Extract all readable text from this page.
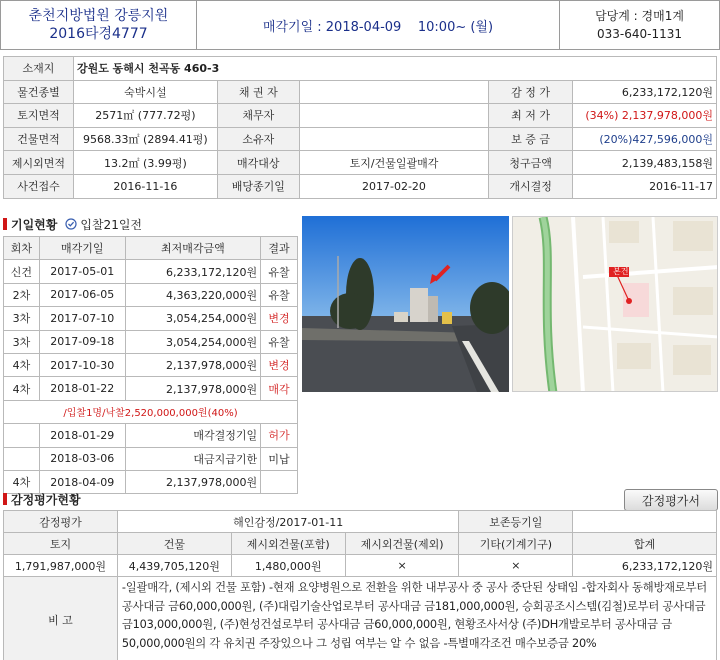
춘천지방법원 강릉지원
2016타경4777	매각기일 : 2018-04-09
10:00~ (월)
담당계 : 경매1계
033-640-1131
소재지	강원도 동해시 천곡동 460-3				
물건종별	숙박시설	채 권 자		감 정 가	6,233,172,120원
토지면적	2571㎡ (777.72평)	채무자		최 저 가	(34%) 2,137,978,000원
건물면적	9568.33㎡ (2894.41평)	소유자		보 증 금	(20%)427,596,000원
제시외면적	13.2㎡ (3.99평)	매각대상	토지/건물일괄매각	청구금액	2,139,483,158원
사건접수	2016-11-16	배당종기일	2017-02-20	개시결정	2016-11-17
기일현황 입찰21일전
회차	매각기일	최저매각금액	결과
신건	2017-05-01	6,233,172,120원	유찰
2차	2017-06-05	4,363,220,000원	유찰
3차	2017-07-10	3,054,254,000원	변경
3차	2017-09-18	3,054,254,000원	유찰
4차	2017-10-30	2,137,978,000원	변경
4차	2018-01-22	2,137,978,000원	매각
/입찰1명/낙찰2,520,000,000원(40%)			
	2018-01-29	매각결정기일	허가
	2018-03-06	대금지급기한	미납
4차	2018-04-09	2,137,978,000원	
본건
감정평가현황	감정평가서
감정평가	해인감정/2017-01-11			보존등기일	
토지	건물	제시외건물(포함)	제시외건물(제외)	기타(기계기구)	합계
1,791,987,000원	4,439,705,120원	1,480,000원	×	×	6,233,172,120원
비 고	-일괄매각, (제시외 건물 포함) -현재 요양병원으로 전환을 위한 내부공사 중 공사 중단된 상태임 -합자회사 동해방재로부터 공사대금 금60,000,000원, (주)대림기술산업로부터 공사대금 금181,000,000원, 승회공조시스템(김철)로부터 공사대금 금103,000,000원, (주)현성건설로부터 공사대금 금60,000,000원, 현황조사서상 (주)DH개발로부터 공사대금 금50,000,000원의 각 유치권 주장있으나 그 성립 여부는 알 수 없음 -특별매각조건 매수보증금 20%				
